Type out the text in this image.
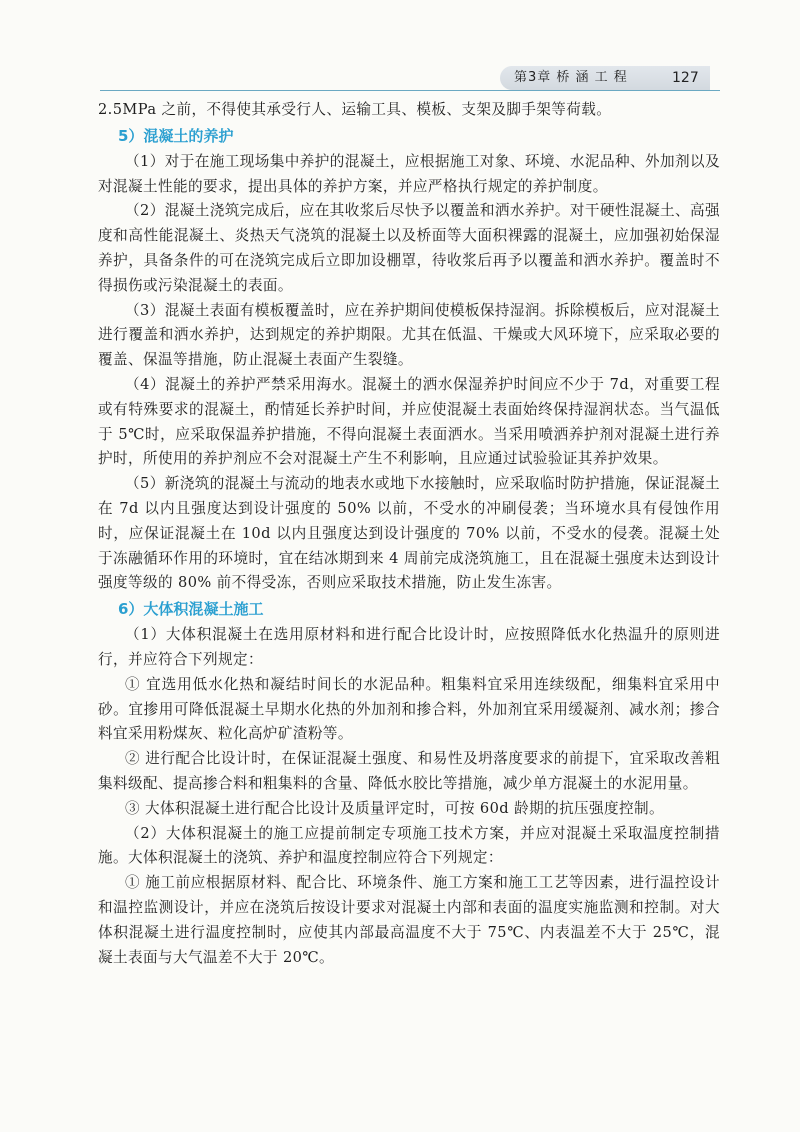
第3章 桥 涵 工 程	127

2.5MPa 之前，不得使其承受行人、运输工具、模板、支架及脚手架等荷载。

5）混凝土的养护

（1）对于在施工现场集中养护的混凝土，应根据施工对象、环境、水泥品种、外加剂以及对混凝土性能的要求，提出具体的养护方案，并应严格执行规定的养护制度。

（2）混凝土浇筑完成后，应在其收浆后尽快予以覆盖和洒水养护。对干硬性混凝土、高强度和高性能混凝土、炎热天气浇筑的混凝土以及桥面等大面积裸露的混凝土，应加强初始保湿养护，具备条件的可在浇筑完成后立即加设棚罩，待收浆后再予以覆盖和洒水养护。覆盖时不得损伤或污染混凝土的表面。

（3）混凝土表面有模板覆盖时，应在养护期间使模板保持湿润。拆除模板后，应对混凝土进行覆盖和洒水养护，达到规定的养护期限。尤其在低温、干燥或大风环境下，应采取必要的覆盖、保温等措施，防止混凝土表面产生裂缝。

（4）混凝土的养护严禁采用海水。混凝土的洒水保湿养护时间应不少于 7d，对重要工程或有特殊要求的混凝土，酌情延长养护时间，并应使混凝土表面始终保持湿润状态。当气温低于 5℃时，应采取保温养护措施，不得向混凝土表面洒水。当采用喷洒养护剂对混凝土进行养护时，所使用的养护剂应不会对混凝土产生不利影响，且应通过试验验证其养护效果。

（5）新浇筑的混凝土与流动的地表水或地下水接触时，应采取临时防护措施，保证混凝土在 7d 以内且强度达到设计强度的 50% 以前，不受水的冲刷侵袭；当环境水具有侵蚀作用时，应保证混凝土在 10d 以内且强度达到设计强度的 70% 以前，不受水的侵袭。混凝土处于冻融循环作用的环境时，宜在结冰期到来 4 周前完成浇筑施工，且在混凝土强度未达到设计强度等级的 80% 前不得受冻，否则应采取技术措施，防止发生冻害。

6）大体积混凝土施工

（1）大体积混凝土在选用原材料和进行配合比设计时，应按照降低水化热温升的原则进行，并应符合下列规定：

① 宜选用低水化热和凝结时间长的水泥品种。粗集料宜采用连续级配，细集料宜采用中砂。宜掺用可降低混凝土早期水化热的外加剂和掺合料，外加剂宜采用缓凝剂、减水剂；掺合料宜采用粉煤灰、粒化高炉矿渣粉等。

② 进行配合比设计时，在保证混凝土强度、和易性及坍落度要求的前提下，宜采取改善粗集料级配、提高掺合料和粗集料的含量、降低水胶比等措施，减少单方混凝土的水泥用量。

③ 大体积混凝土进行配合比设计及质量评定时，可按 60d 龄期的抗压强度控制。

（2）大体积混凝土的施工应提前制定专项施工技术方案，并应对混凝土采取温度控制措施。大体积混凝土的浇筑、养护和温度控制应符合下列规定：

① 施工前应根据原材料、配合比、环境条件、施工方案和施工工艺等因素，进行温控设计和温控监测设计，并应在浇筑后按设计要求对混凝土内部和表面的温度实施监测和控制。对大体积混凝土进行温度控制时，应使其内部最高温度不大于 75℃、内表温差不大于 25℃，混凝土表面与大气温差不大于 20℃。
